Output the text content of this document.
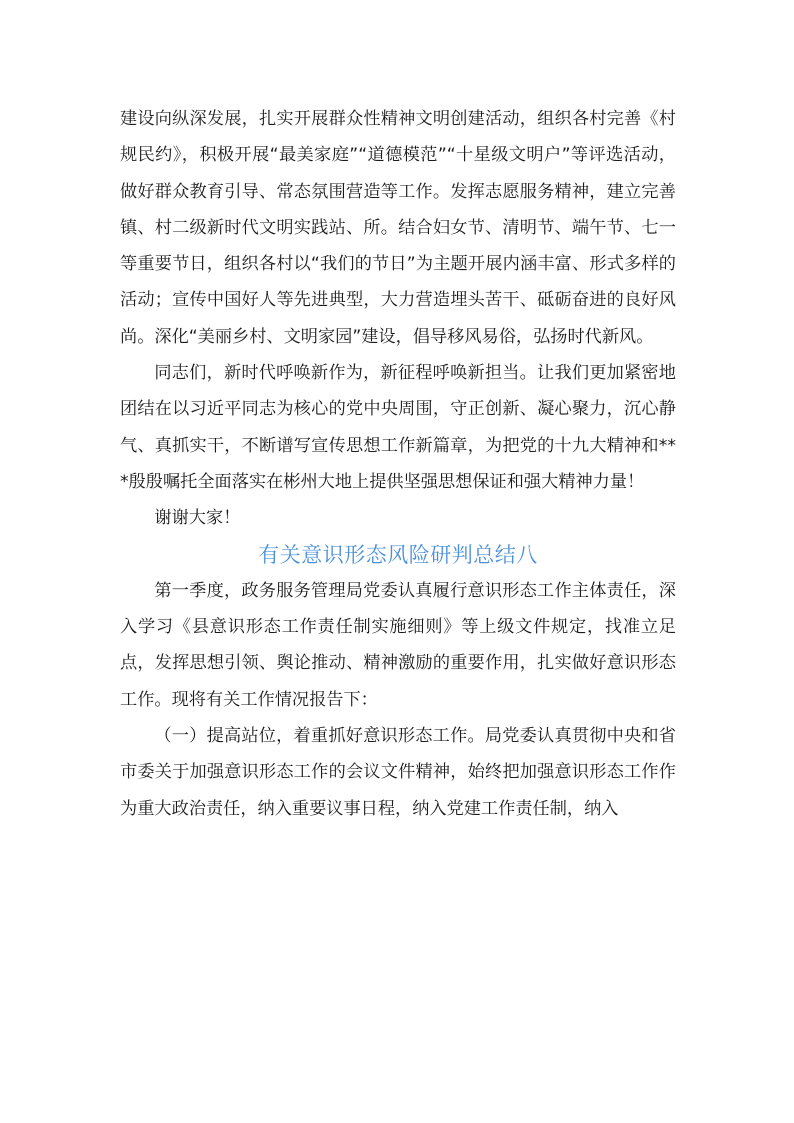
建设向纵深发展，扎实开展群众性精神文明创建活动，组织各村完善《村规民约》，积极开展“最美家庭”“道德模范”“十星级文明户”等评选活动，做好群众教育引导、常态氛围营造等工作。发挥志愿服务精神，建立完善镇、村二级新时代文明实践站、所。结合妇女节、清明节、端午节、七一等重要节日，组织各村以“我们的节日”为主题开展内涵丰富、形式多样的活动；宣传中国好人等先进典型，大力营造埋头苦干、砥砺奋进的良好风尚。深化“美丽乡村、文明家园”建设，倡导移风易俗，弘扬时代新风。

同志们，新时代呼唤新作为，新征程呼唤新担当。让我们更加紧密地团结在以习近平同志为核心的党中央周围，守正创新、凝心聚力，沉心静气、真抓实干，不断谱写宣传思想工作新篇章，为把党的十九大精神和***殷殷嘱托全面落实在彬州大地上提供坚强思想保证和强大精神力量！

谢谢大家！

有关意识形态风险研判总结八

第一季度，政务服务管理局党委认真履行意识形态工作主体责任，深入学习《县意识形态工作责任制实施细则》等上级文件规定，找准立足点，发挥思想引领、舆论推动、精神激励的重要作用，扎实做好意识形态工作。现将有关工作情况报告下：

（一）提高站位，着重抓好意识形态工作。局党委认真贯彻中央和省市委关于加强意识形态工作的会议文件精神，始终把加强意识形态工作作为重大政治责任，纳入重要议事日程，纳入党建工作责任制，纳入
